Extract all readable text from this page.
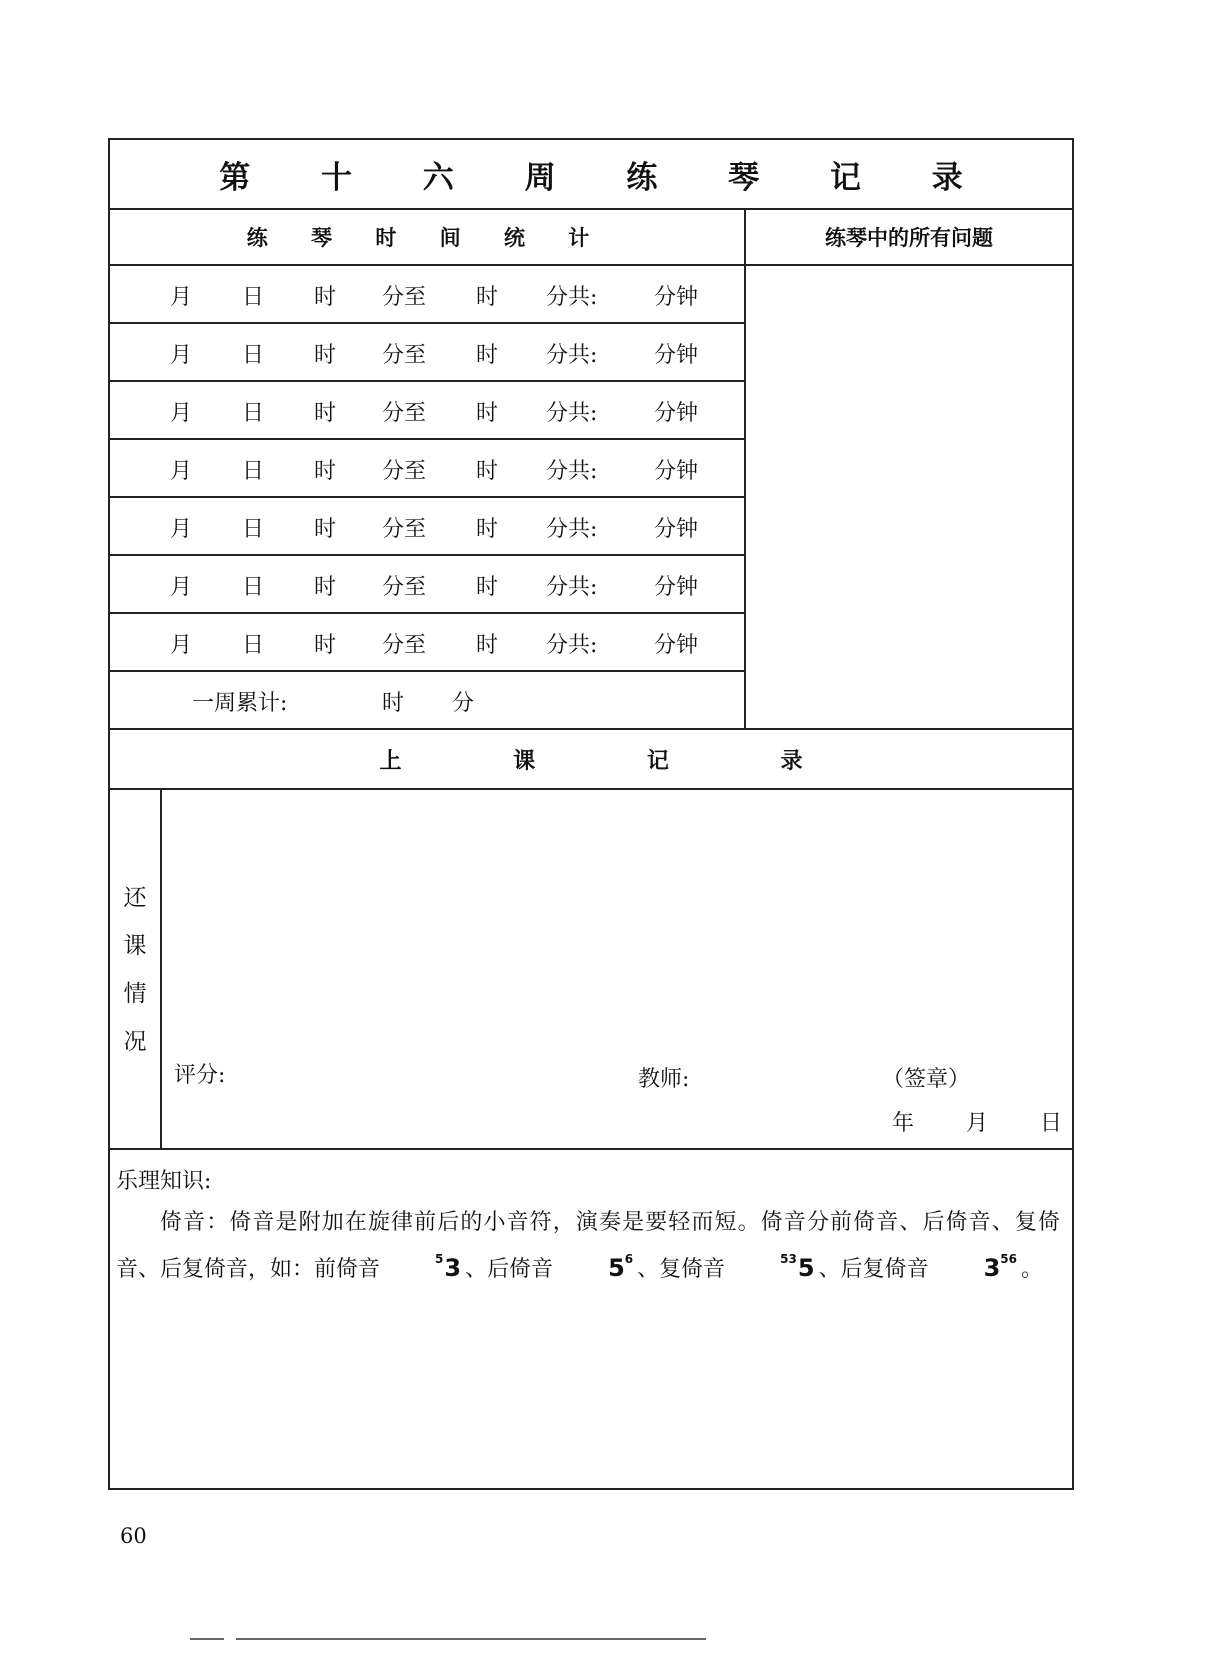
第 十 六 周 练 琴 记 录
练 琴 时 间 统 计
月 日 时 分至 时 分共:	分钟
月 日 时 分至 时 分共:	分钟
月 日 时 分至 时 分共:	分钟
月 日 时 分至 时 分共:	分钟
月 日 时 分至 时 分共:	分钟
月 日 时 分至 时 分共:	分钟
月 日 时 分至 时 分共:	分钟
一周累计:	时 分
练琴中的所有问题
上 课 记 录
还
课
情
况
评分:	教师:	（签章）
年 月 日

乐理知识:

倚音：倚音是附加在旋律前后的小音符，演奏是要轻而短。倚音分前倚音、后倚音、复倚音、后复倚音，如：前倚音	$^5$3 、后倚音 $5^6$ 、复倚音	$^{53}$5 、后复倚音 $3^{56}$ 。

60
